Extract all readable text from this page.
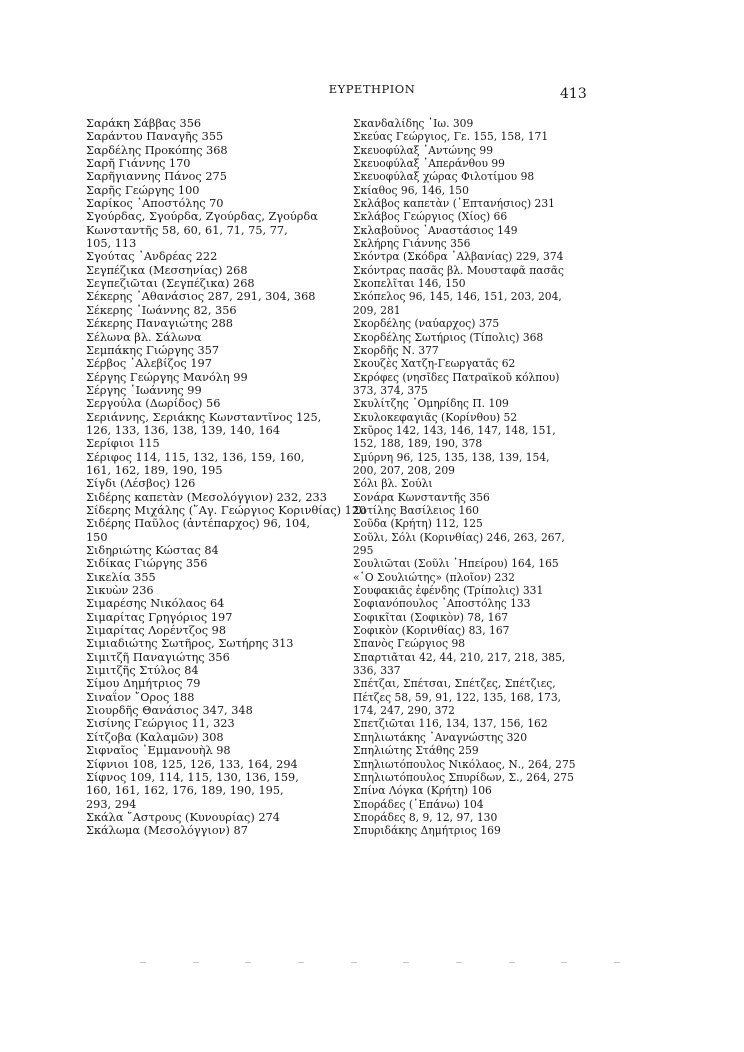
ΕΥΡΕΤΗΡΙΟΝ	413
Σαράκη Σάββας 356
Σαράντου Παναγῆς 355
Σαρδέλης Προκόπης 368
Σαρῆ Γιάννης 170
Σαρῆγιαννης Πάνος 275
Σαρῆς Γεώργης 100
Σαρίκος ᾿Αποστόλης 70
Σγούρδας, Σγούρδα, Ζγούρδας, Ζγούρδα
Κωνσταντῆς 58, 60, 61, 71, 75, 77,
105, 113
Σγούτας ᾿Ανδρέας 222
Σεγπέζικα (Μεσσηνίας) 268
Σεγπεζιῶται (Σεγπέζικα) 268
Σέκερης ᾿Αθανάσιος 287, 291, 304, 368
Σέκερης ᾿Ιωάννης 82, 356
Σέκερης Παναγιώτης 288
Σέλωνα βλ. Σάλωνα
Σεμπάκης Γιώργης 357
Σέρβος ᾿Αλεβίζος 197
Σέργης Γεώργης Μανόλη 99
Σέργης ᾿Ιωάννης 99
Σεργούλα (Δωρίδος) 56
Σεριάννης, Σεριάκης Κωνσταντῖνος 125,
126, 133, 136, 138, 139, 140, 164
Σερίφιοι 115
Σέριφος 114, 115, 132, 136, 159, 160,
161, 162, 189, 190, 195
Σίγδι (Λέσβος) 126
Σιδέρης καπετὰν (Μεσολόγγιον) 232, 233
Σίδερης Μιχάλης (῞Αγ. Γεώργιος Κορινθίας) 120
Σιδέρης Παῦλος (ἀντέπαρχος) 96, 104,
150
Σιδηριώτης Κώστας 84
Σιδίκας Γιώργης 356
Σικελία 355
Σικυὼν 236
Σιμαρέσης Νικόλαος 64
Σιμαρίτας Γρηγόριος 197
Σιμαρίτας Λορέντζος 98
Σιμιαδιώτης Σωτῆρος, Σωτήρης 313
Σιμιτζῆ Παναγιώτης 356
Σιμιτζῆς Στύλος 84
Σίμου Δημήτριος 79
Σιναΐον ῎Ορος 188
Σιουρδῆς Θανάσιος 347, 348
Σισίνης Γεώργιος 11, 323
Σίτζοβα (Καλαμῶν) 308
Σιφναῖος ᾿Εμμανουὴλ 98
Σίφνιοι 108, 125, 126, 133, 164, 294
Σίφνος 109, 114, 115, 130, 136, 159,
160, 161, 162, 176, 189, 190, 195,
293, 294
Σκάλα ῎Αστρους (Κυνουρίας) 274
Σκάλωμα (Μεσολόγγιον) 87
Σκανδαλίδης ᾿Ιω. 309
Σκεύας Γεώργιος, Γε. 155, 158, 171
Σκευοφύλαξ ᾿Αντώνης 99
Σκευοφύλαξ ᾿Απεράνθου 99
Σκευοφύλαξ χώρας Φιλοτίμου 98
Σκίαθος 96, 146, 150
Σκλάβος καπετὰν (᾿Επτανήσιος) 231
Σκλάβος Γεώργιος (Χίος) 66
Σκλαβοῦνος ᾿Αναστάσιος 149
Σκλήρης Γιάννης 356
Σκόντρα (Σκόδρα ᾿Αλβανίας) 229, 374
Σκόντρας πασᾶς βλ. Μουσταφᾶ πασᾶς
Σκοπελῖται 146, 150
Σκόπελος 96, 145, 146, 151, 203, 204,
209, 281
Σκορδέλης (ναύαρχος) 375
Σκορδέλης Σωτήριος (Τίπολις) 368
Σκορδῆς Ν. 377
Σκουζὲς Χατζη-Γεωργατᾶς 62
Σκρόφες (νησῖδες Πατραϊκοῦ κόλπου)
373, 374, 375
Σκυλίτζης ᾿Ομηρίδης Π. 109
Σκυλοκεφαγιᾶς (Κορίνθου) 52
Σκῦρος 142, 143, 146, 147, 148, 151,
152, 188, 189, 190, 378
Σμύρνη 96, 125, 135, 138, 139, 154,
200, 207, 208, 209
Σόλι βλ. Σούλι
Σονάρα Κωνσταντῆς 356
Σοτίλης Βασίλειος 160
Σοῦδα (Κρήτη) 112, 125
Σοῦλι, Σόλι (Κορινθίας) 246, 263, 267,
295
Σουλιῶται (Σοῦλι ᾿Ηπείρου) 164, 165
«῾Ο Σουλιώτης» (πλοῖον) 232
Σουφακιᾶς ἐφένδης (Τρίπολις) 331
Σοφιανόπουλος ᾿Αποστόλης 133
Σοφικῖται (Σοφικὸν) 78, 167
Σοφικὸν (Κορινθίας) 83, 167
Σπανὸς Γεώργιος 98
Σπαρτιᾶται 42, 44, 210, 217, 218, 385,
336, 337
Σπέτζαι, Σπέτσαι, Σπέτζες, Σπέτζιες,
Πέτζες 58, 59, 91, 122, 135, 168, 173,
174, 247, 290, 372
Σπετζιῶται 116, 134, 137, 156, 162
Σπηλιωτάκης ᾿Αναγνώστης 320
Σπηλιώτης Στάθης 259
Σπηλιωτόπουλος Νικόλαος, Ν., 264, 275
Σπηλιωτόπουλος Σπυρίδων, Σ., 264, 275
Σπίνα Λόγκα (Κρήτη) 106
Σποράδες (᾿Επάνω) 104
Σποράδες 8, 9, 12, 97, 130
Σπυριδάκης Δημήτριος 169
